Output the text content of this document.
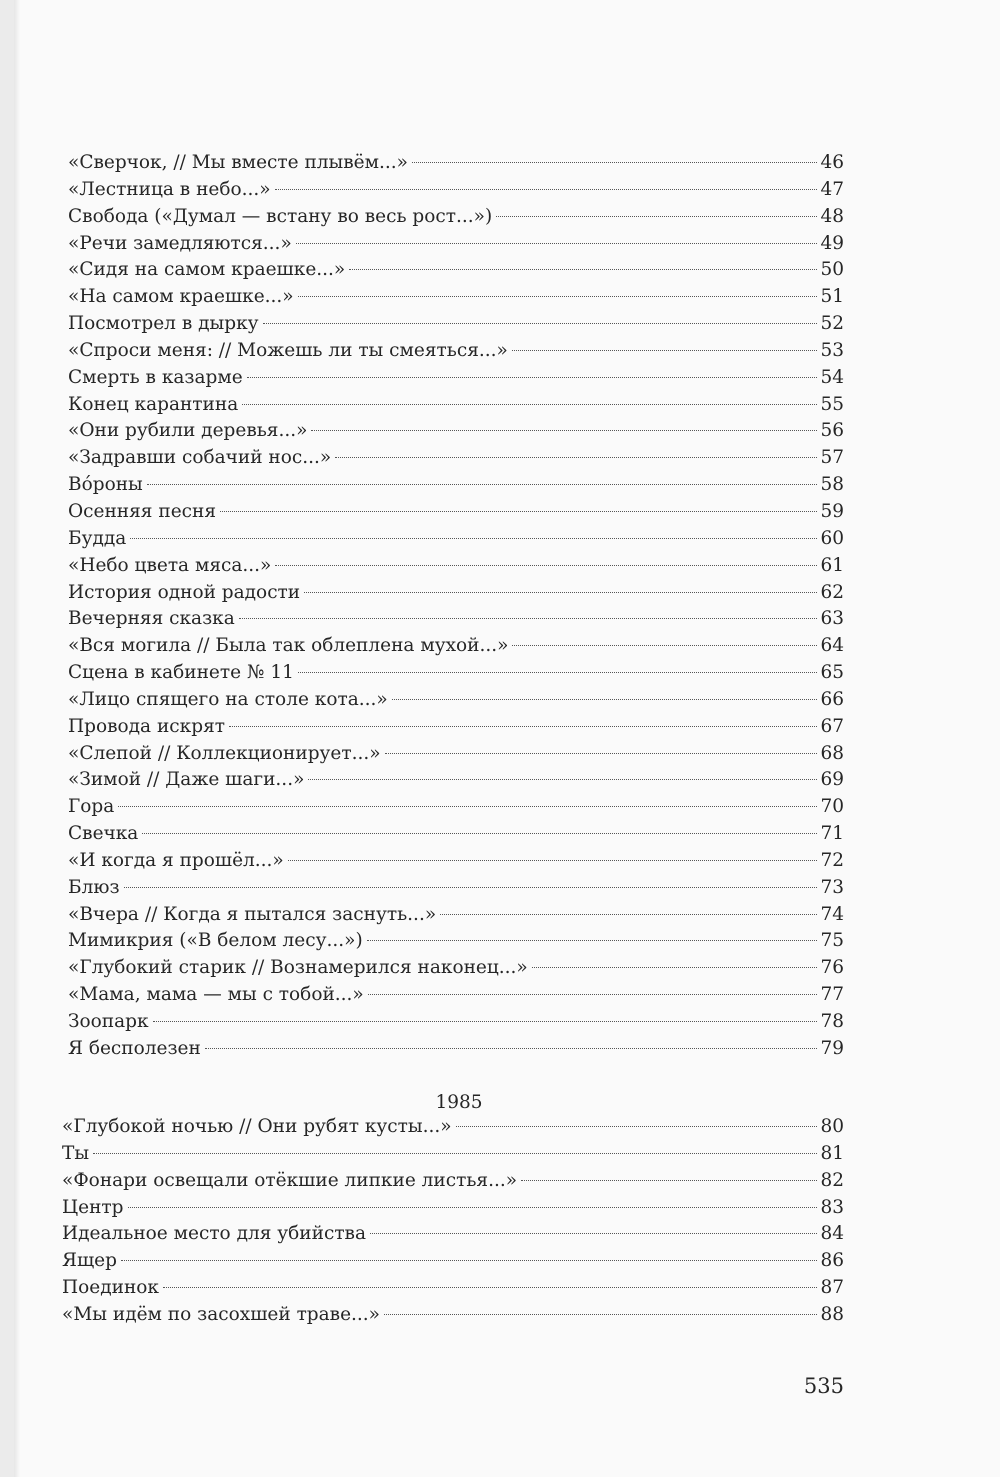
«Сверчок, // Мы вместе плывём...»	46
«Лестница в небо...»	47
Свобода («Думал — встану во весь рост...»)	48
«Речи замедляются...»	49
«Сидя на самом краешке...»	50
«На самом краешке...»	51
Посмотрел в дырку	52
«Спроси меня: // Можешь ли ты смеяться...»	53
Смерть в казарме	54
Конец карантина	55
«Они рубили деревья...»	56
«Задравши собачий нос...»	57
Во́роны	58
Осенняя песня	59
Будда	60
«Небо цвета мяса...»	61
История одной радости	62
Вечерняя сказка	63
«Вся могила // Была так облеплена мухой...»	64
Сцена в кабинете № 11	65
«Лицо спящего на столе кота...»	66
Провода искрят	67
«Слепой // Коллекционирует...»	68
«Зимой // Даже шаги...»	69
Гора	70
Свечка	71
«И когда я прошёл...»	72
Блюз	73
«Вчера // Когда я пытался заснуть...»	74
Мимикрия («В белом лесу...»)	75
«Глубокий старик // Вознамерился наконец...»	76
«Мама, мама — мы с тобой...»	77
Зоопарк	78
Я бесполезен	79
1985
«Глубокой ночью // Они рубят кусты...»	80
Ты	81
«Фонари освещали отёкшие липкие листья...»	82
Центр	83
Идеальное место для убийства	84
Ящер	86
Поединок	87
«Мы идём по засохшей траве...»	88
535
